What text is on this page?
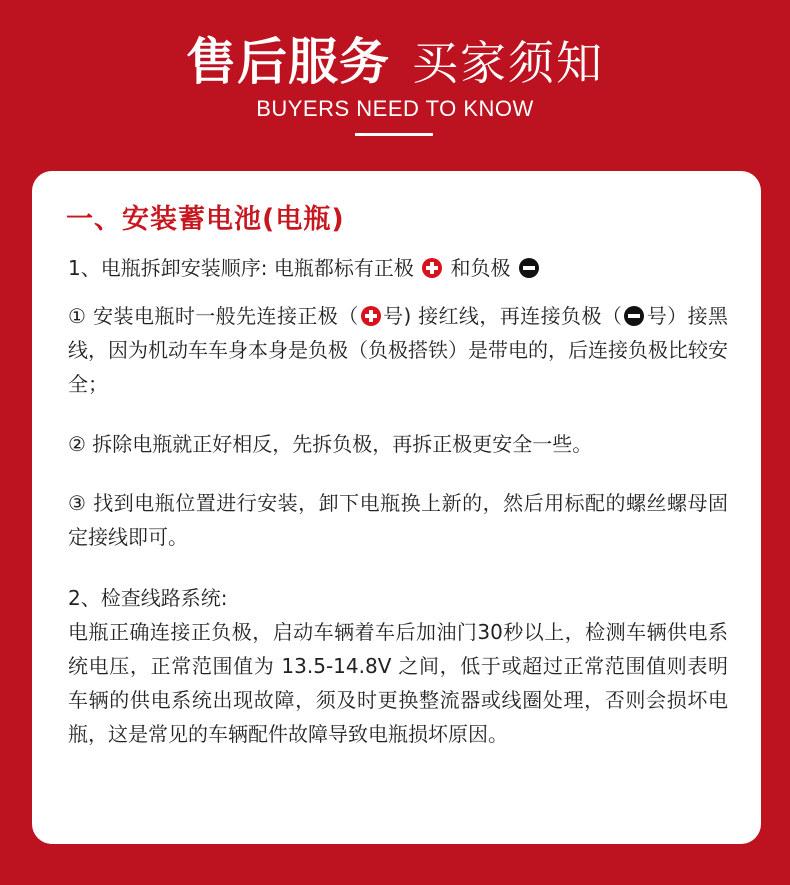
售后服务 买家须知
BUYERS NEED TO KNOW
一、安装蓄电池(电瓶)
1、电瓶拆卸安装顺序: 电瓶都标有正极 和负极
① 安装电瓶时一般先连接正极（ 号) 接红线，再连接负极（ 号）接黑线，因为机动车车身本身是负极（负极搭铁）是带电的，后连接负极比较安全；
② 拆除电瓶就正好相反，先拆负极，再拆正极更安全一些。
③ 找到电瓶位置进行安装，卸下电瓶换上新的，然后用标配的螺丝螺母固定接线即可。
2、检查线路系统:
电瓶正确连接正负极，启动车辆着车后加油门30秒以上，检测车辆供电系统电压，正常范围值为 13.5-14.8V 之间，低于或超过正常范围值则表明车辆的供电系统出现故障，须及时更换整流器或线圈处理，否则会损坏电瓶，这是常见的车辆配件故障导致电瓶损坏原因。
